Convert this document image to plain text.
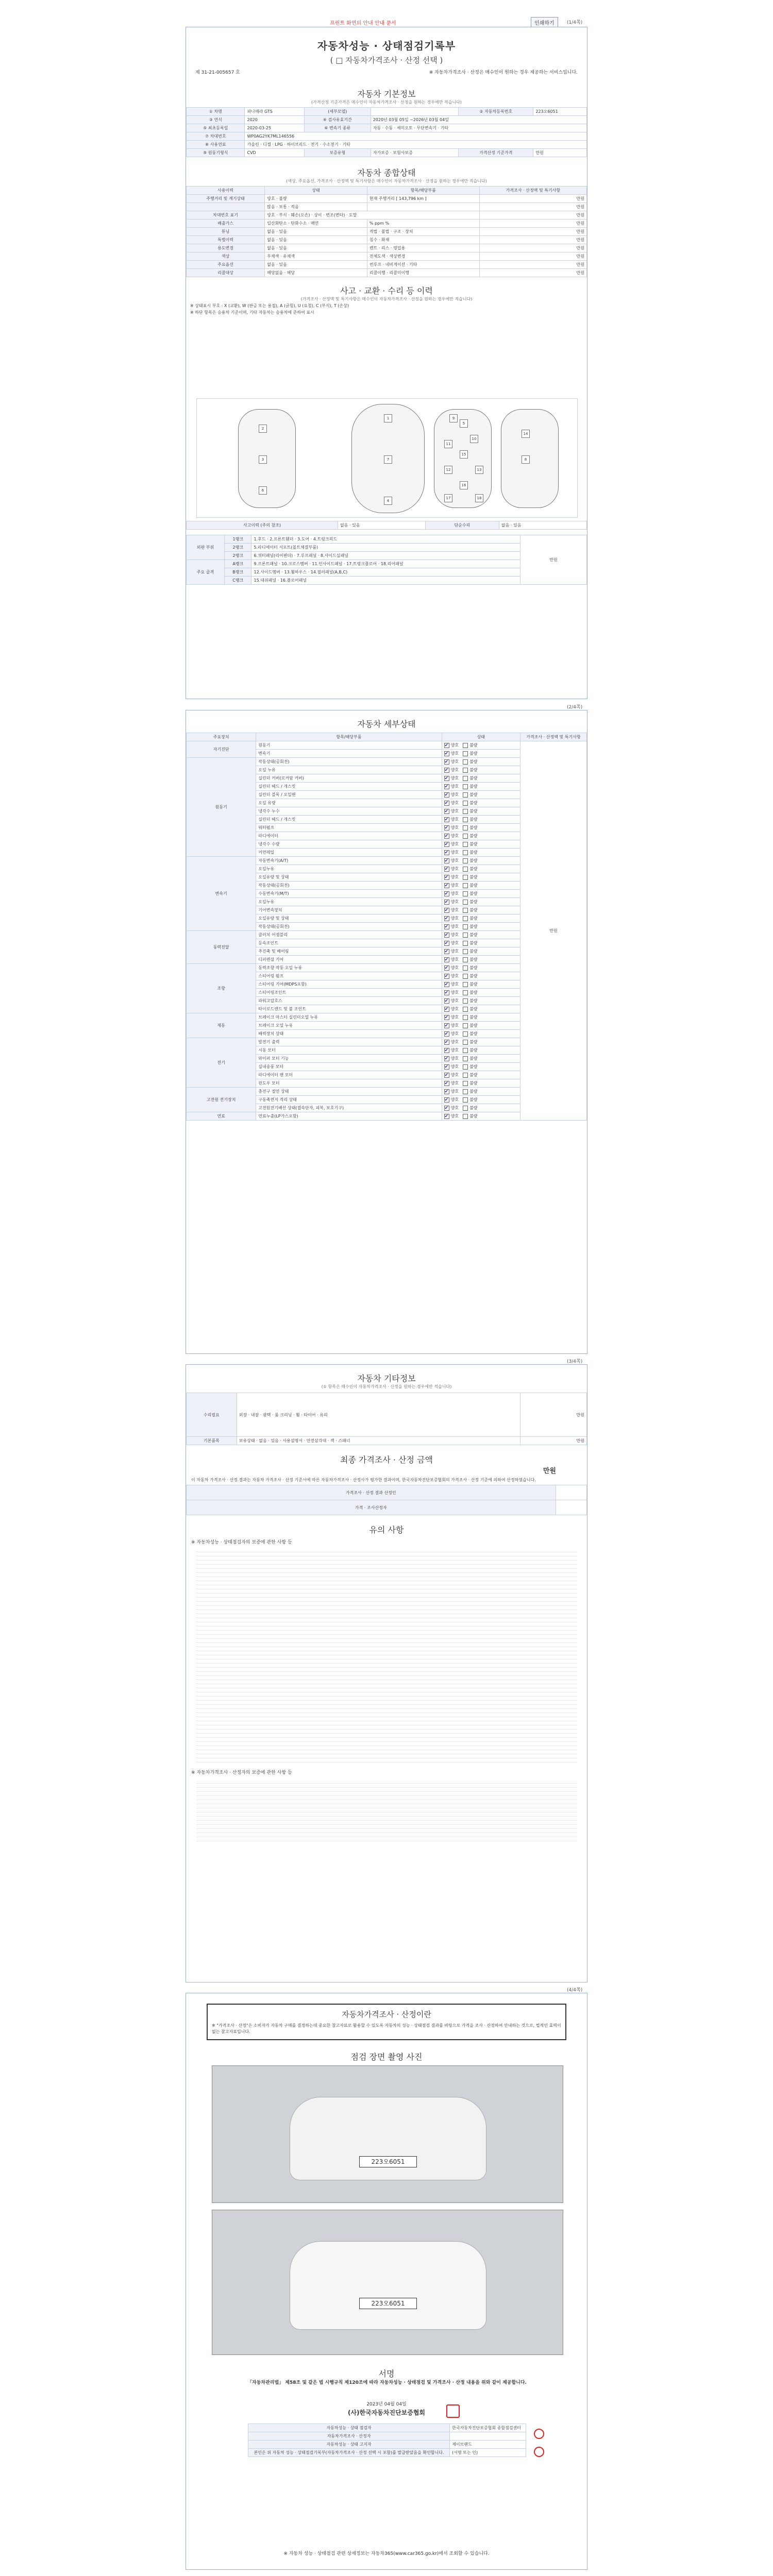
프린트 화면의 안내 안내 문서	인쇄하기	(1/4쪽)
자동차성능 · 상태점검기록부
( □ 자동차가격조사 · 산정 선택 )
제 31-21-005657 호	※ 자동차가격조사 · 산정은 매수인이 원하는 경우 제공하는 서비스입니다.
자동차 기본정보
(가격산정 기준가격은 매수인이 자동차가격조사 · 산정을 원하는 경우에만 적습니다)
① 차명	파나메라 GTS	(세부모델)		② 자동차등록번호	223오6051
③ 연식	2020	④ 검사유효기간	2020년 03월 05일 ~2026년 03월 04일		
⑤ 최초등록일	2020-03-25	⑥ 변속기 종류	자동 · 수동 · 세미오토 · 무단변속기 · 기타		
⑦ 차대번호	WP0AG2YK7ML146556				
⑧ 사용연료	가솔린 · 디젤 · LPG · 하이브리드 · 전기 · 수소전기 · 기타				
⑨ 원동기형식	CVD	보증유형	자가보증 · 보험사보증	가격산정 기준가격	만원
자동차 종합상태
(색상, 주요옵션, 가격조사 · 산정액 및 특기사항은 매수인이 자동차가격조사 · 산정을 원하는 경우에만 적습니다)
사용이력	상태	항목/해당부품	가격조사 · 산정액 및 특기사항
주행거리 및 계기상태	양호 · 불량	현재 주행거리 [ 143,796 km ]	만원
	많음 · 보통 · 적음		만원
차대번호 표기	양호 · 부식 · 훼손(오손) · 상이 · 변조(변타) · 도말		만원
배출가스	일산화탄소 · 탄화수소 · 매연	% ppm %	만원
튜닝	없음 · 있음	적법 · 불법 · 구조 · 장치	만원
특별이력	없음 · 있음	침수 · 화재	만원
용도변경	없음 · 있음	렌트 · 리스 · 영업용	만원
색상	무채색 · 유채색	전체도색 · 색상변경	만원
주요옵션	없음 · 있음	썬루프 · 네비게이션 · 기타	만원
리콜대상	해당없음 · 해당	리콜이행 · 리콜미이행	만원
사고 · 교환 · 수리 등 이력
(가격조사 · 산정액 및 특기사항은 매수인이 자동차가격조사 · 산정을 원하는 경우에만 적습니다)
※ 상태표시 부호 : X (교환), W (판금 또는 용접), A (긁힘), U (요철), C (부식), T (손상)
※ 하단 항목은 승용차 기준이며, 기타 자동차는 승용차에 준하여 표시
1
2
3
4
5
6
7	8
9
10
11
12	13
14
15
16
17	18
사고이력 (주의 참조)	없음 · 있음	단순수리	없음 · 있음
외판 부위	1랭크	1.후드 · 2.프론트휀더 · 3.도어 · 4.트렁크리드	만원
	2랭크	5.라디에이터 서포트(볼트체결부품)	
	2랭크	6.쿼터패널(리어펜더) · 7.루프패널 · 8.사이드실패널	
주요 골격	A랭크	9.프론트패널 · 10.크로스멤버 · 11.인사이드패널 · 17.트렁크플로어 · 18.리어패널	
	B랭크	12.사이드멤버 · 13.휠하우스 · 14.필러패널(A,B,C)	
	C랭크	15.대쉬패널 · 16.플로어패널	
(2/4쪽)
자동차 세부상태
주요장치	항목/해당부품	상태	가격조사 · 산정액 및 특기사항
자기진단	원동기	✔양호 불량	만원
	변속기	✔양호 불량
원동기	작동상태(공회전)	✔양호 불량
	오일 누유	✔양호 불량
	실린더 커버(로커암 커버)	✔양호 불량
	실린더 헤드 / 개스킷	✔양호 불량
	실린더 블록 / 오일팬	✔양호 불량
	오일 유량	✔양호 불량
	냉각수 누수	✔양호 불량
	실린더 헤드 / 개스킷	✔양호 불량
	워터펌프	✔양호 불량
	라디에이터	✔양호 불량
	냉각수 수량	✔양호 불량
	커먼레일	✔양호 불량
변속기	자동변속기(A/T)	✔양호 불량
	오일누유	✔양호 불량
	오일유량 및 상태	✔양호 불량
	작동상태(공회전)	✔양호 불량
	수동변속기(M/T)	✔양호 불량
	오일누유	✔양호 불량
	기어변속장치	✔양호 불량
	오일유량 및 상태	✔양호 불량
	작동상태(공회전)	✔양호 불량
동력전달	클러치 어셈블리	✔양호 불량
	등속조인트	✔양호 불량
	추진축 및 베어링	✔양호 불량
	디퍼렌셜 기어	✔양호 불량
조향	동력조향 작동 오일 누유	✔양호 불량
	스티어링 펌프	✔양호 불량
	스티어링 기어(MDPS포함)	✔양호 불량
	스티어링조인트	✔양호 불량
	파워고압호스	✔양호 불량
	타이로드엔드 및 볼 조인트	✔양호 불량
제동	브레이크 마스터 실린더오일 누유	✔양호 불량
	브레이크 오일 누유	✔양호 불량
	배력장치 상태	✔양호 불량
전기	발전기 출력	✔양호 불량
	시동 모터	✔양호 불량
	와이퍼 모터 기능	✔양호 불량
	실내송풍 모터	✔양호 불량
	라디에이터 팬 모터	✔양호 불량
	윈도우 모터	✔양호 불량
고전원 전기장치	충전구 절연 상태	✔양호 불량
	구동축전지 격리 상태	✔양호 불량
	고전원전기배선 상태(접속단자, 피복, 보호기구)	✔양호 불량
연료	연료누출(LP가스포함)	✔양호 불량
(3/4쪽)
자동차 기타정보
(① 항목은 매수인이 자동차가격조사 · 산정을 원하는 경우에만 적습니다)
수리필요	외장 · 내장 · 광택 · 룸 크리닝 · 휠 · 타이어 · 유리	만원
기본품목	보유상태 · 없음 · 있음 · 사용설명서 · 안전삼각대 · 잭 · 스패너	만원
최종 가격조사 · 산정 금액
만원
이 자동차 가격조사 · 산정 결과는 자동차 가격조사 · 산정 기준서에 따른 자동차가격조사 · 산정사가 평가한 결과이며, 한국자동차진단보증협회의 가격조사 · 산정 기준에 의하여 산정하였습니다.
가격조사 · 산정 결과 산정인	
가격 · 조사산정자	
유의 사항
※ 자동차성능 · 상태점검자의 보증에 관한 사항 등
※ 자동차가격조사 · 산정자의 보증에 관한 사항 등
(4/4쪽)
자동차가격조사 · 산정이란
※ "가격조사 · 산정"은 소비자가 자동차 구매를 결정하는데 중요한 참고자료로 활용할 수 있도록 자동차의 성능 · 상태점검 결과를 바탕으로 가격을 조사 · 산정하여 안내하는 것으로, 법적인 효력이 없는 참고자료입니다.
점검 장면 촬영 사진
223오6051
223오6051
서명
「자동차관리법」 제58조 및 같은 법 시행규칙 제120조에 따라 자동차성능 · 상태점검 및 가격조사 · 산정 내용을 위와 같이 제공합니다.
2023년 04월 04일
(사)한국자동차진단보증협회
자동차성능 · 상태 점검자	한국자동차진단보증협회 종합점검센터
자동차가격조사 · 산정자	
자동차성능 · 상태 고지자	제이브랜드
본인은 위 자동차 성능 · 상태점검기록부(자동차가격조사 · 산정 선택 시 포함)를 발급받았음을 확인합니다.	(서명 또는 인)
※ 자동차 성능 · 상태점검 관련 상세정보는 자동차365(www.car365.go.kr)에서 조회할 수 있습니다.
